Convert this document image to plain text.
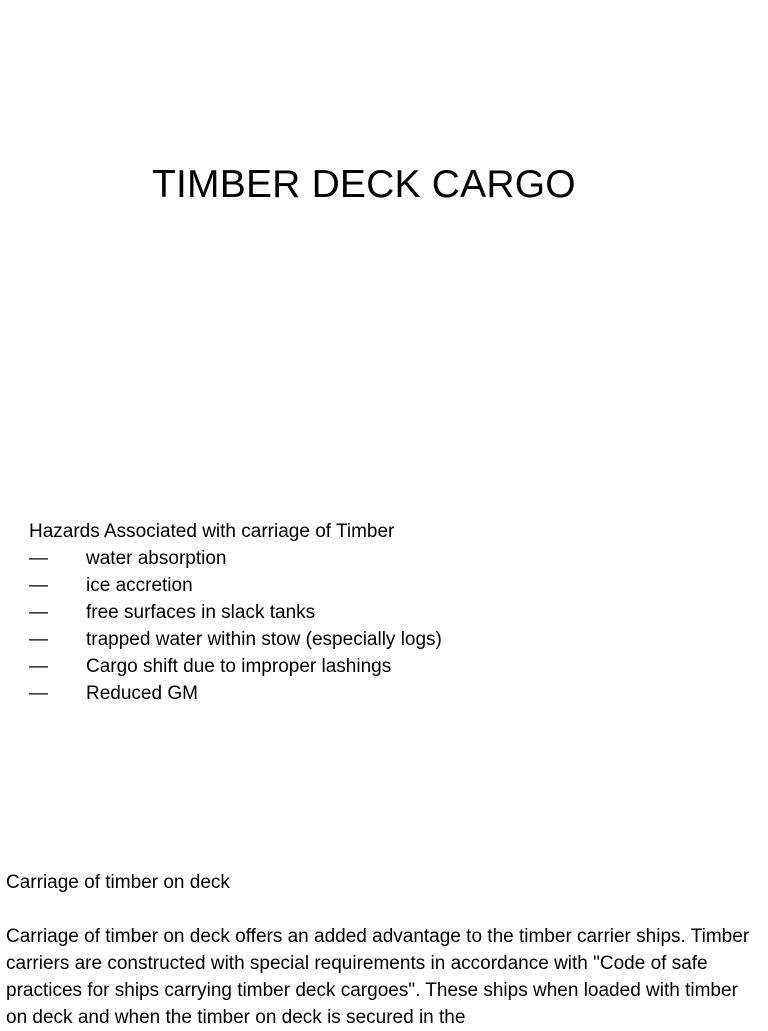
TIMBER DECK CARGO
Hazards Associated with carriage of Timber
— water absorption
— ice accretion
— free surfaces in slack tanks
— trapped water within stow (especially logs)
— Cargo shift due to improper lashings
— Reduced GM
Carriage of timber on deck

Carriage of timber on deck offers an added advantage to the timber carrier ships. Timber carriers are constructed with special requirements in accordance with "Code of safe practices for ships carrying timber deck cargoes". These ships when loaded with timber on deck and when the timber on deck is secured in the
